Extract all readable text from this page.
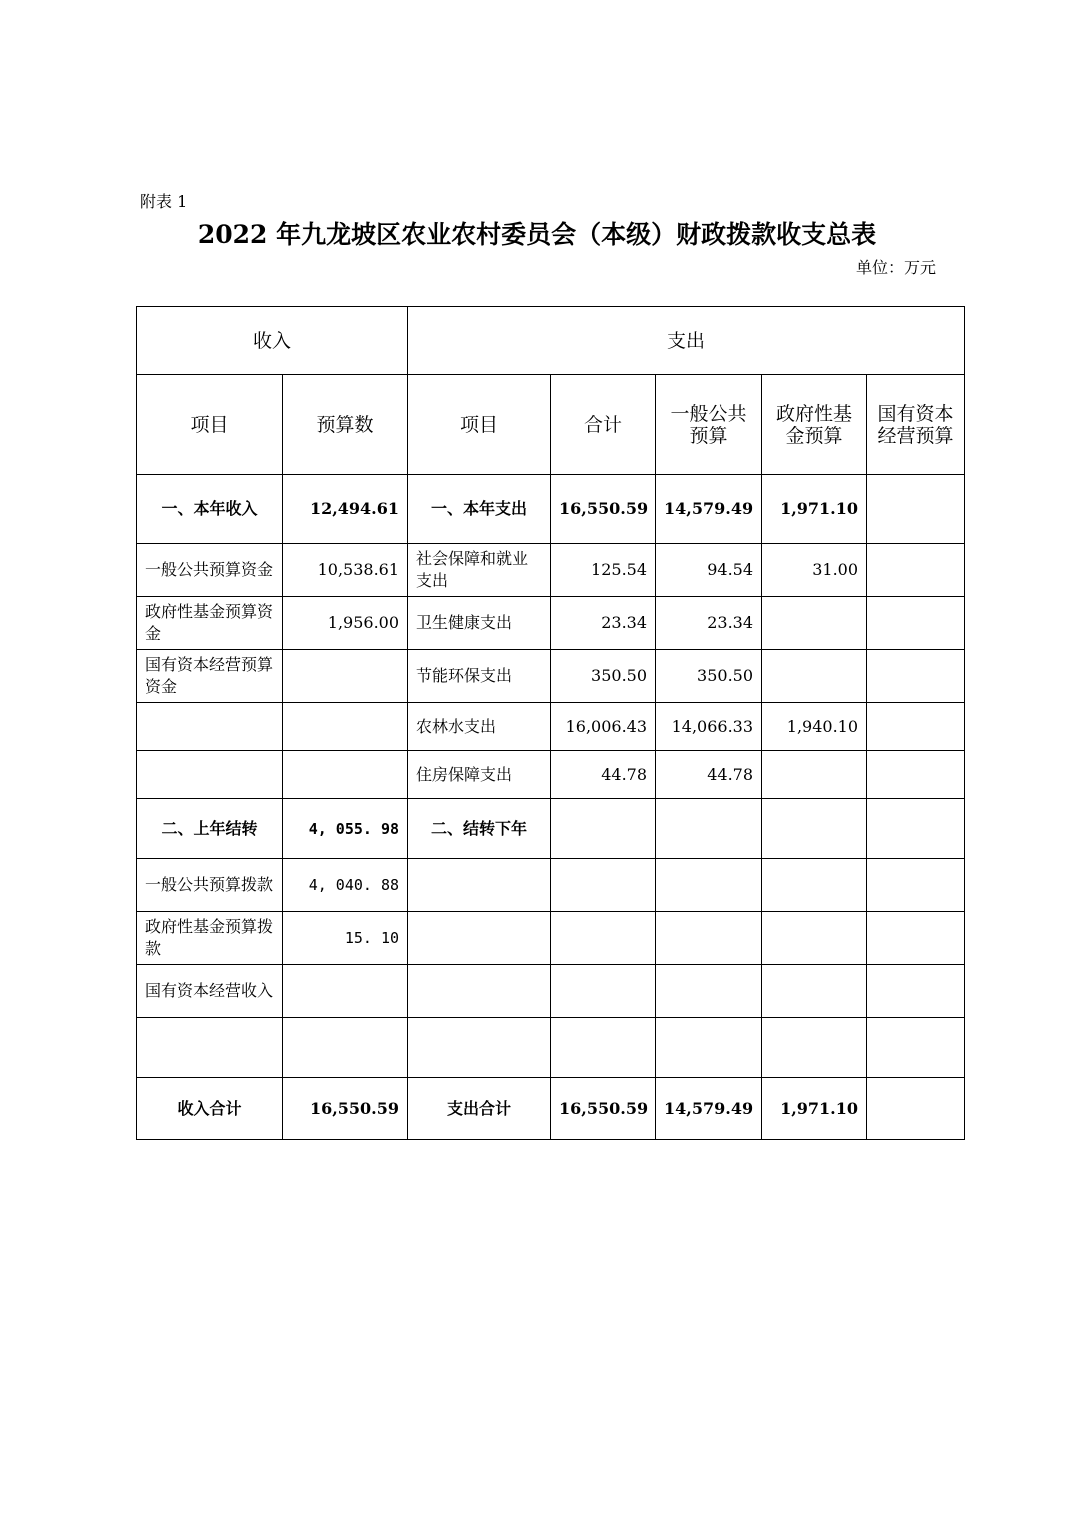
附表 1
2022 年九龙坡区农业农村委员会（本级）财政拨款收支总表
单位：万元
收入		支出				
项目	预算数	项目	合计	一般公共预算	政府性基金预算	国有资本经营预算
一、本年收入	12,494.61	一、本年支出	16,550.59	14,579.49	1,971.10	
一般公共预算资金	10,538.61	社会保障和就业支出	125.54	94.54	31.00	
政府性基金预算资金	1,956.00	卫生健康支出	23.34	23.34		
国有资本经营预算资金		节能环保支出	350.50	350.50		
		农林水支出	16,006.43	14,066.33	1,940.10	
		住房保障支出	44.78	44.78		
二、上年结转	4, 055. 98	二、结转下年				
一般公共预算拨款	4, 040. 88					
政府性基金预算拨款	15. 10					
国有资本经营收入						

收入合计	16,550.59	支出合计	16,550.59	14,579.49	1,971.10	
